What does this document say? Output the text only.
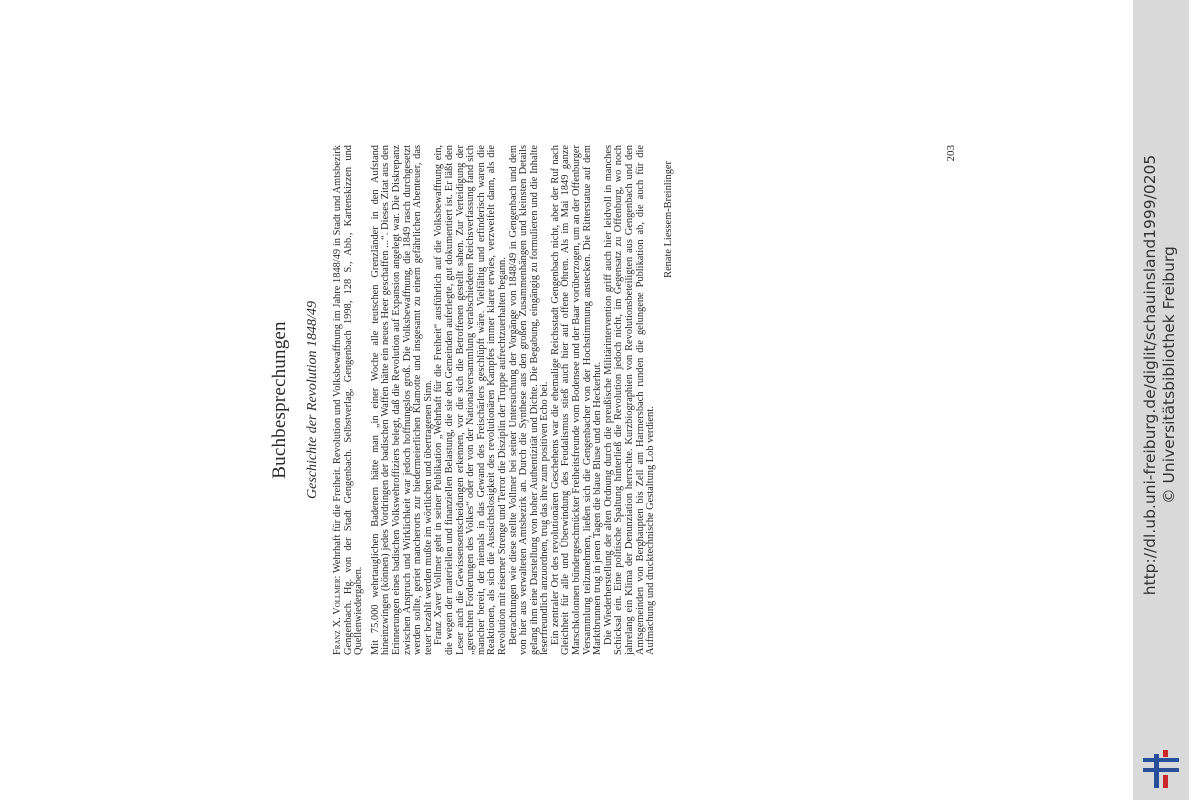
Buchbesprechungen Geschichte der Revolution 1848/49

Franz X. Vollmer: Wehrhaft für die Freiheit. Revolution und Volksbewaffnung im Jahre 1848/49 in Stadt und Amtsbezirk Gengenbach. Hg. von der Stadt Gengenbach. Selbstverlag, Gengenbach 1998, 128 S., Abb., Kartenskizzen und Quellenwiedergaben. Mit 75.000 wehrtauglichen Badenern hätte man „in einer Woche alle teutschen Grenzländer in den Aufstand hineinzwingen (können) jedes Vordringen der badischen Waffen hätte ein neues Heer geschaffen ...“. Dieses Zitat aus den Erinnerungen eines badischen Volkswehroffiziers belegt, daß die Revolution auf Expansion angelegt war. Die Diskrepanz zwischen Anspruch und Wirklichkeit war jedoch hoffnungslos groß. Die Volksbewaffnung, die 1849 rasch durchgesetzt werden sollte, geriet mancherorts zur biedermeierlichen Klamotte und insgesamt zu einem gefährlichen Abenteuer, das teuer bezahlt werden mußte im wörtlichen und übertragenen Sinn. Franz Xaver Vollmer geht in seiner Publikation „Wehrhaft für die Freiheit“ ausführlich auf die Volksbewaffnung ein, die wegen der materiellen und finanziellen Belastung, die sie den Gemeinden auferlegte, gut dokumentiert ist. Er läßt den Leser auch die Gewissensentscheidungen erkennen, vor die sich die Betroffenen gestellt sahen. Zur Verteidigung der „gerechten Forderungen des Volkes“ oder der von der Nationalversammlung verabschiedeten Reichsverfassung fand sich mancher bereit, der niemals in das Gewand des Freischärlers geschlüpft wäre. Vielfältig und erfinderisch waren die Reaktionen, als sich die Aussichtslosigkeit des revolutionären Kampfes immer klarer erwies, verzweifelt dann, als die Revolution mit eiserner Strenge und Terror die Disziplin der Truppe aufrechtzuerhalten begann. Betrachtungen wie diese stellte Vollmer bei seiner Untersuchung der Vorgänge von 1848/49 in Gengenbach und dem von hier aus verwalteten Amtsbezirk an. Durch die Synthese aus den großen Zusammenhängen und kleinsten Details gelang ihm eine Darstellung von hoher Authentizität und Dichte. Die Begabung, eingängig zu formulieren und die Inhalte leserfreundlich anzuordnen, trug das ihre zum positiven Echo bei. Ein zentraler Ort des revolutionären Geschehens war die ehemalige Reichsstadt Gengenbach nicht, aber der Ruf nach Gleichheit für alle und Überwindung des Feudalismus stieß auch hier auf offene Ohren. Als im Mai 1849 ganze Marschkolonnen bündergeschmückter Freiheitsfreunde vom Bodensee und der Baar vorüberzogen, um an der Offenburger Versammlung teilzunehmen, ließen sich die Gengenbacher von der Hochstimmung anstecken. Die Ritterstatue auf dem Marktbrunnen trug in jenen Tagen die blaue Bluse und den Heckerhut. Die Wiederherstellung der alten Ordnung durch die preußische Militärintervention griff auch hier leidvoll in manches Schicksal ein. Eine politische Spaltung hinterließ die Revolution jedoch nicht, im Gegensatz zu Offenburg, wo noch jahrelang ein Klima der Denunziation herrschte. Kurzbiographien von Revolutionsbeteiligten aus Gengenbach und den Amtsgemeinden von Berghaupten bis Zell am Harmersbach runden die gelungene Publikation ab, die auch für die Aufmachung und drucktechnische Gestaltung Lob verdient.

Renate Liessem-Breinlinger
203
http://dl.ub.uni-freiburg.de/diglit/schauinsland1999/0205 © Universitätsbibliothek Freiburg
